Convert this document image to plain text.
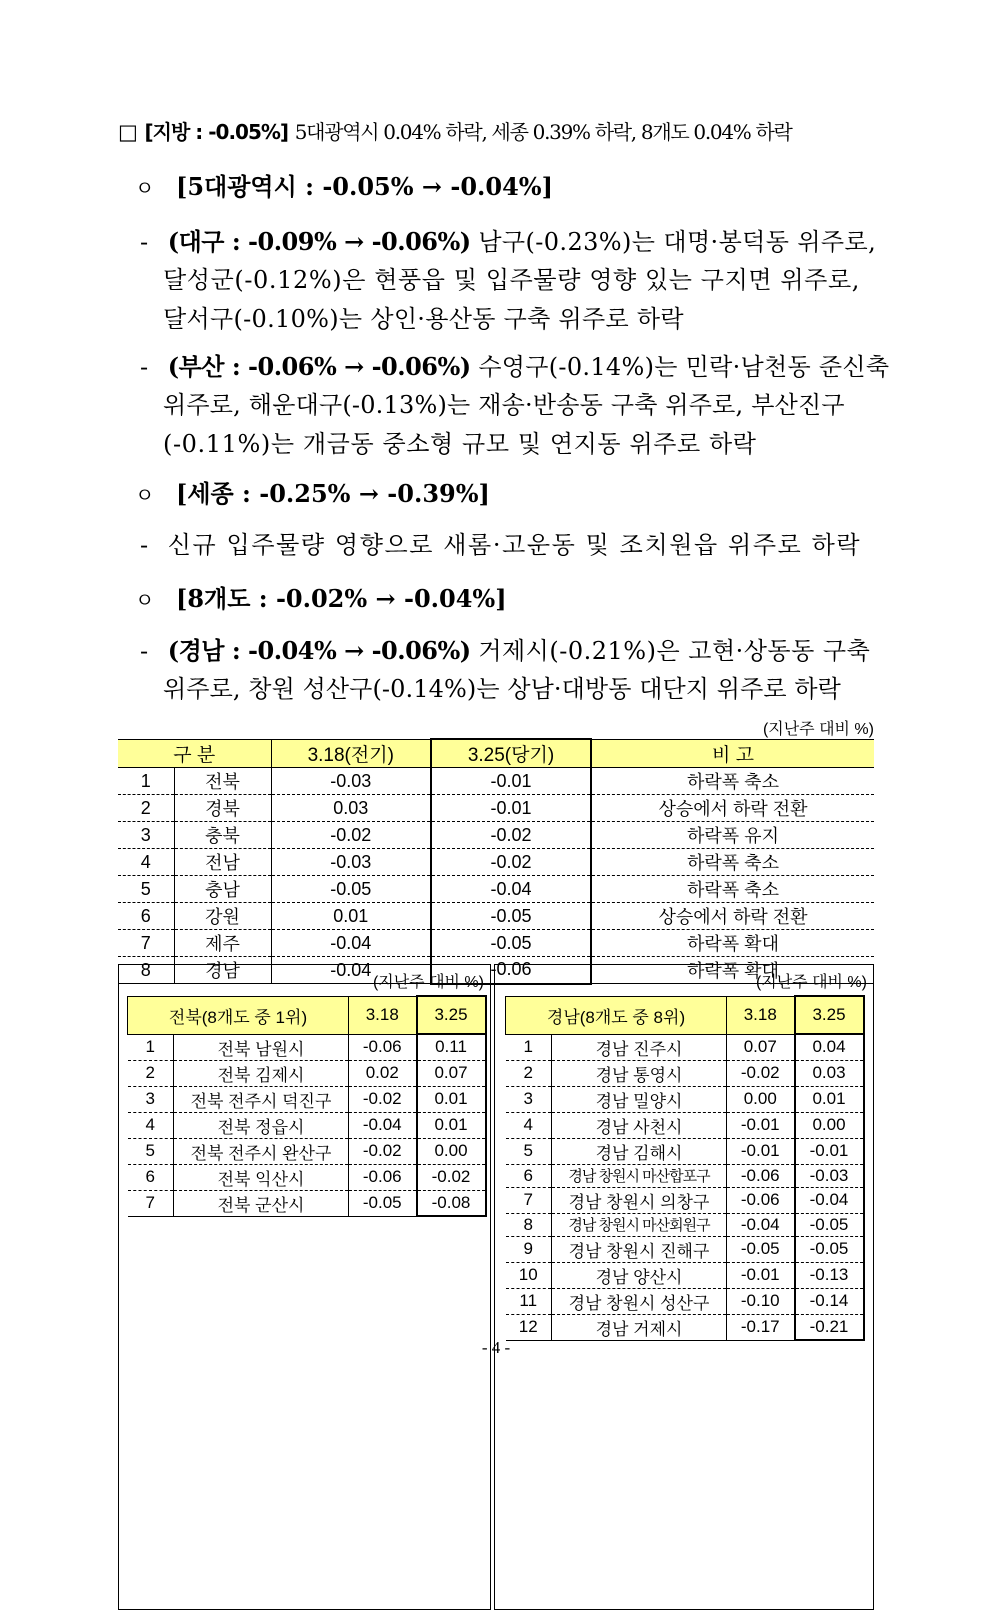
□ [지방 : -0.05%] 5대광역시 0.04% 하락, 세종 0.39% 하락, 8개도 0.04% 하락
ㅇ [5대광역시 : -0.05% → -0.04%]
- (대구 : -0.09% → -0.06%) 남구(-0.23%)는 대명·봉덕동 위주로,
달성군(-0.12%)은 현풍읍 및 입주물량 영향 있는 구지면 위주로,
달서구(-0.10%)는 상인·용산동 구축 위주로 하락
- (부산 : -0.06% → -0.06%) 수영구(-0.14%)는 민락·남천동 준신축
위주로, 해운대구(-0.13%)는 재송·반송동 구축 위주로, 부산진구
(-0.11%)는 개금동 중소형 규모 및 연지동 위주로 하락
ㅇ [세종 : -0.25% → -0.39%]
- 신규 입주물량 영향으로 새롬·고운동 및 조치원읍 위주로 하락
ㅇ [8개도 : -0.02% → -0.04%]
- (경남 : -0.04% → -0.06%) 거제시(-0.21%)은 고현·상동동 구축
위주로, 창원 성산구(-0.14%)는 상남·대방동 대단지 위주로 하락
(지난주 대비 %)
구 분		3.18(전기)	3.25(당기)	비 고
1	전북	-0.03	-0.01	하락폭 축소
2	경북	0.03	-0.01	상승에서 하락 전환
3	충북	-0.02	-0.02	하락폭 유지
4	전남	-0.03	-0.02	하락폭 축소
5	충남	-0.05	-0.04	하락폭 축소
6	강원	0.01	-0.05	상승에서 하락 전환
7	제주	-0.04	-0.05	하락폭 확대
8	경남	-0.04	-0.06	하락폭 확대
(지난주 대비 %)
전북(8개도 중 1위)		3.18	3.25
1	전북 남원시	-0.06	0.11
2	전북 김제시	0.02	0.07
3	전북 전주시 덕진구	-0.02	0.01
4	전북 정읍시	-0.04	0.01
5	전북 전주시 완산구	-0.02	0.00
6	전북 익산시	-0.06	-0.02
7	전북 군산시	-0.05	-0.08
(지난주 대비 %)
경남(8개도 중 8위)		3.18	3.25
1	경남 진주시	0.07	0.04
2	경남 통영시	-0.02	0.03
3	경남 밀양시	0.00	0.01
4	경남 사천시	-0.01	0.00
5	경남 김해시	-0.01	-0.01
6	경남 창원시 마산합포구	-0.06	-0.03
7	경남 창원시 의창구	-0.06	-0.04
8	경남 창원시 마산회원구	-0.04	-0.05
9	경남 창원시 진해구	-0.05	-0.05
10	경남 양산시	-0.01	-0.13
11	경남 창원시 성산구	-0.10	-0.14
12	경남 거제시	-0.17	-0.21
- 4 -
